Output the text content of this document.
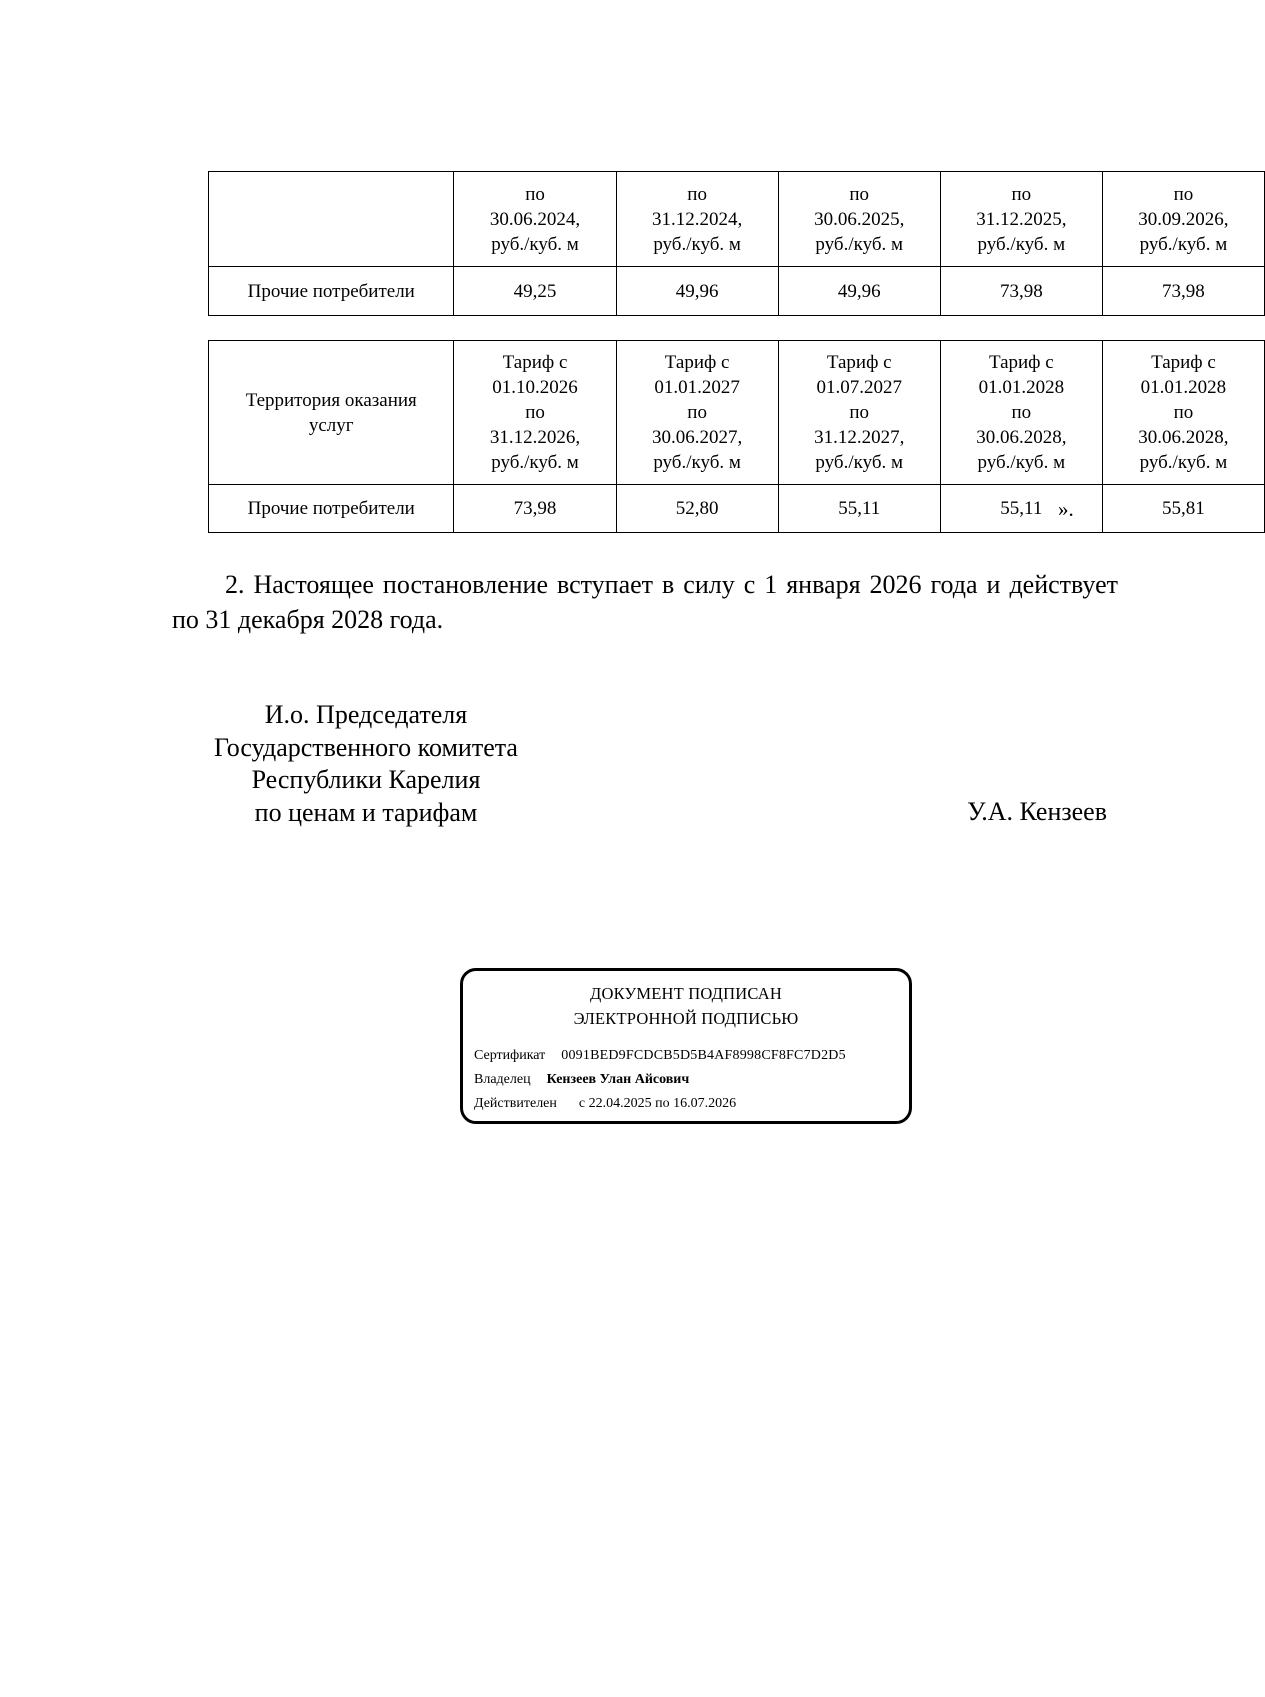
	по
30.06.2024,
руб./куб. м	по
31.12.2024,
руб./куб. м	по
30.06.2025,
руб./куб. м	по
31.12.2025,
руб./куб. м	по
30.09.2026,
руб./куб. м

Прочие потребители	49,25	49,96	49,96	73,98	73,98
Территория оказания
услуг	Тариф с
01.10.2026
по
31.12.2026,
руб./куб. м	Тариф с
01.01.2027
по
30.06.2027,
руб./куб. м	Тариф с
01.07.2027
по
31.12.2027,
руб./куб. м	Тариф с
01.01.2028
по
30.06.2028,
руб./куб. м	Тариф с
01.01.2028
по
30.06.2028,
руб./куб. м

Прочие потребители	73,98	52,80	55,11	55,11	55,81
».
2. Настоящее постановление вступает в силу с 1 января 2026 года и действует по 31 декабря 2028 года.
И.о. Председателя
Государственного комитета
Республики Карелия
по ценам и тарифам	У.А. Кензеев
ДОКУМЕНТ ПОДПИСАН
ЭЛЕКТРОННОЙ ПОДПИСЬЮ
Сертификат 0091BED9FCDCB5D5B4AF8998CF8FC7D2D5
Владелец Кензеев Улан Айсович
Действителен с 22.04.2025 по 16.07.2026
